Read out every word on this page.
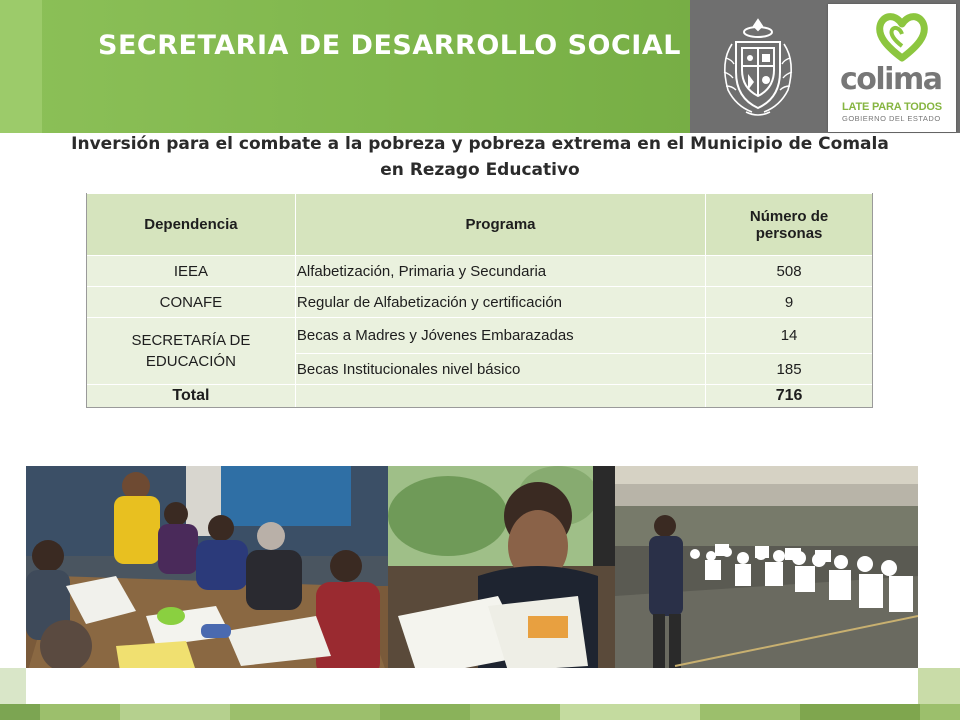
SECRETARIA DE DESARROLLO SOCIAL
colima
LATE PARA TODOS
GOBIERNO DEL ESTADO
Inversión para el combate a la pobreza y pobreza extrema en el Municipio de Comala en Rezago Educativo
Dependencia	Programa	Número de personas
IEEA	Alfabetización, Primaria y Secundaria	508
CONAFE	Regular de Alfabetización y certificación	9
SECRETARÍA DE EDUCACIÓN	Becas a Madres y Jóvenes Embarazadas	14
	Becas Institucionales nivel básico	185
Total		716
